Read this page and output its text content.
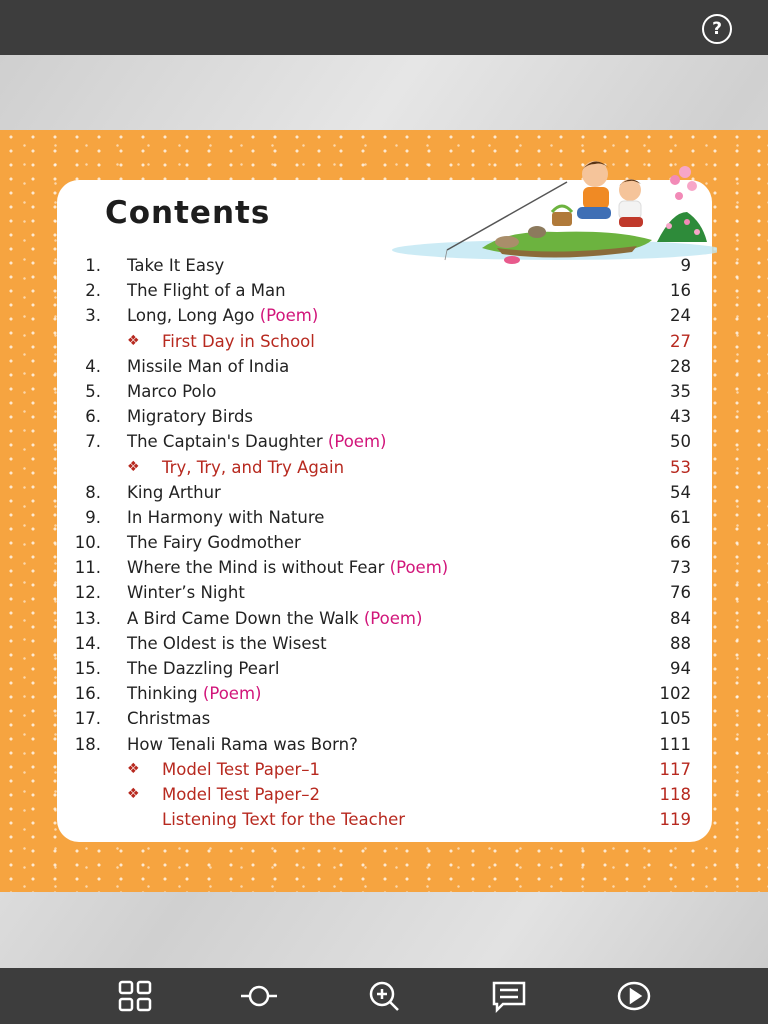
?
Contents
1. Take It Easy	9
2. The Flight of a Man	16
3. Long, Long Ago (Poem)	24
❖ First Day in School	27
4. Missile Man of India	28
5. Marco Polo	35
6. Migratory Birds	43
7. The Captain's Daughter (Poem)	50
❖ Try, Try, and Try Again	53
8. King Arthur	54
9. In Harmony with Nature	61
10. The Fairy Godmother	66
11. Where the Mind is without Fear (Poem)	73
12. Winter’s Night	76
13. A Bird Came Down the Walk (Poem)	84
14. The Oldest is the Wisest	88
15. The Dazzling Pearl	94
16. Thinking (Poem)	102
17. Christmas	105
18. How Tenali Rama was Born?	111
❖ Model Test Paper–1	117
❖ Model Test Paper–2	118
Listening Text for the Teacher	119
